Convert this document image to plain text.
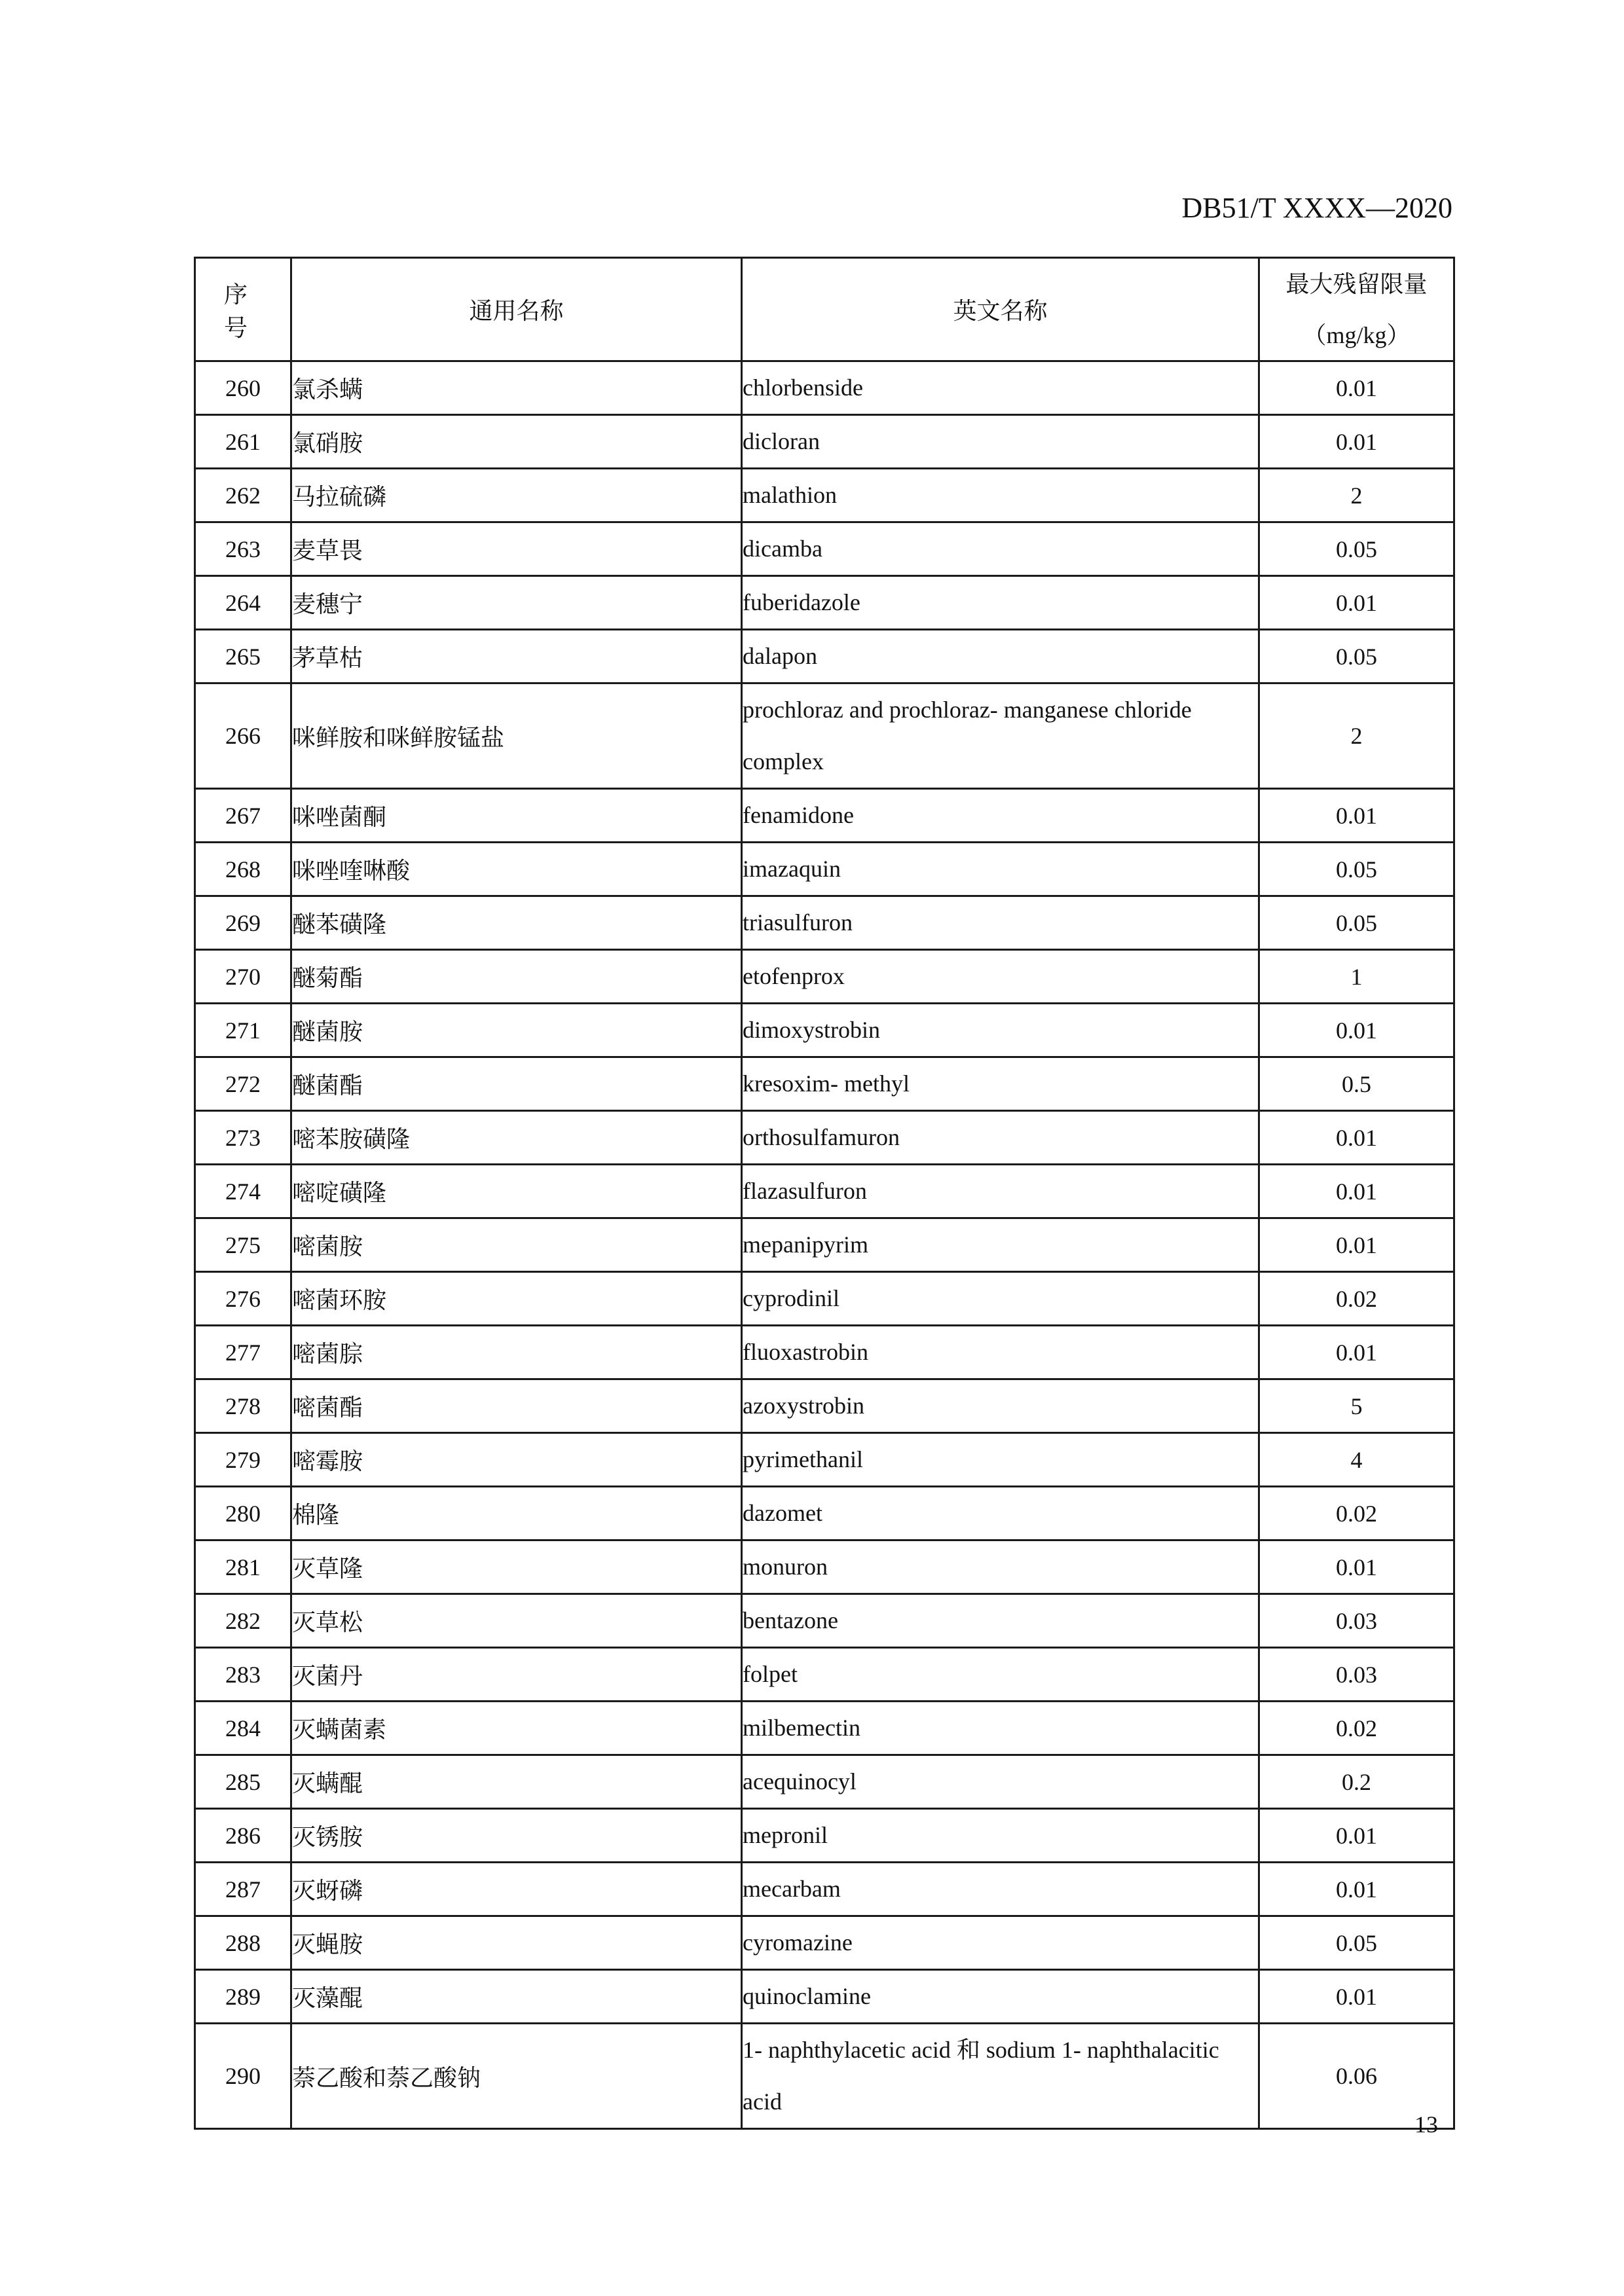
DB51/T XXXX—2020
序 号	通用名称	英文名称	最大残留限量
（mg/kg）

260	氯杀螨	chlorbenside	0.01
261	氯硝胺	dicloran	0.01
262	马拉硫磷	malathion	2
263	麦草畏	dicamba	0.05
264	麦穗宁	fuberidazole	0.01
265	茅草枯	dalapon	0.05
266	咪鲜胺和咪鲜胺锰盐	prochloraz and prochloraz- manganese chloride complex	2
267	咪唑菌酮	fenamidone	0.01
268	咪唑喹啉酸	imazaquin	0.05
269	醚苯磺隆	triasulfuron	0.05
270	醚菊酯	etofenprox	1
271	醚菌胺	dimoxystrobin	0.01
272	醚菌酯	kresoxim- methyl	0.5
273	嘧苯胺磺隆	orthosulfamuron	0.01
274	嘧啶磺隆	flazasulfuron	0.01
275	嘧菌胺	mepanipyrim	0.01
276	嘧菌环胺	cyprodinil	0.02
277	嘧菌腙	fluoxastrobin	0.01
278	嘧菌酯	azoxystrobin	5
279	嘧霉胺	pyrimethanil	4
280	棉隆	dazomet	0.02
281	灭草隆	monuron	0.01
282	灭草松	bentazone	0.03
283	灭菌丹	folpet	0.03
284	灭螨菌素	milbemectin	0.02
285	灭螨醌	acequinocyl	0.2
286	灭锈胺	mepronil	0.01
287	灭蚜磷	mecarbam	0.01
288	灭蝇胺	cyromazine	0.05
289	灭藻醌	quinoclamine	0.01
290	萘乙酸和萘乙酸钠	1- naphthylacetic acid 和 sodium 1- naphthalacitic acid	0.06
13
